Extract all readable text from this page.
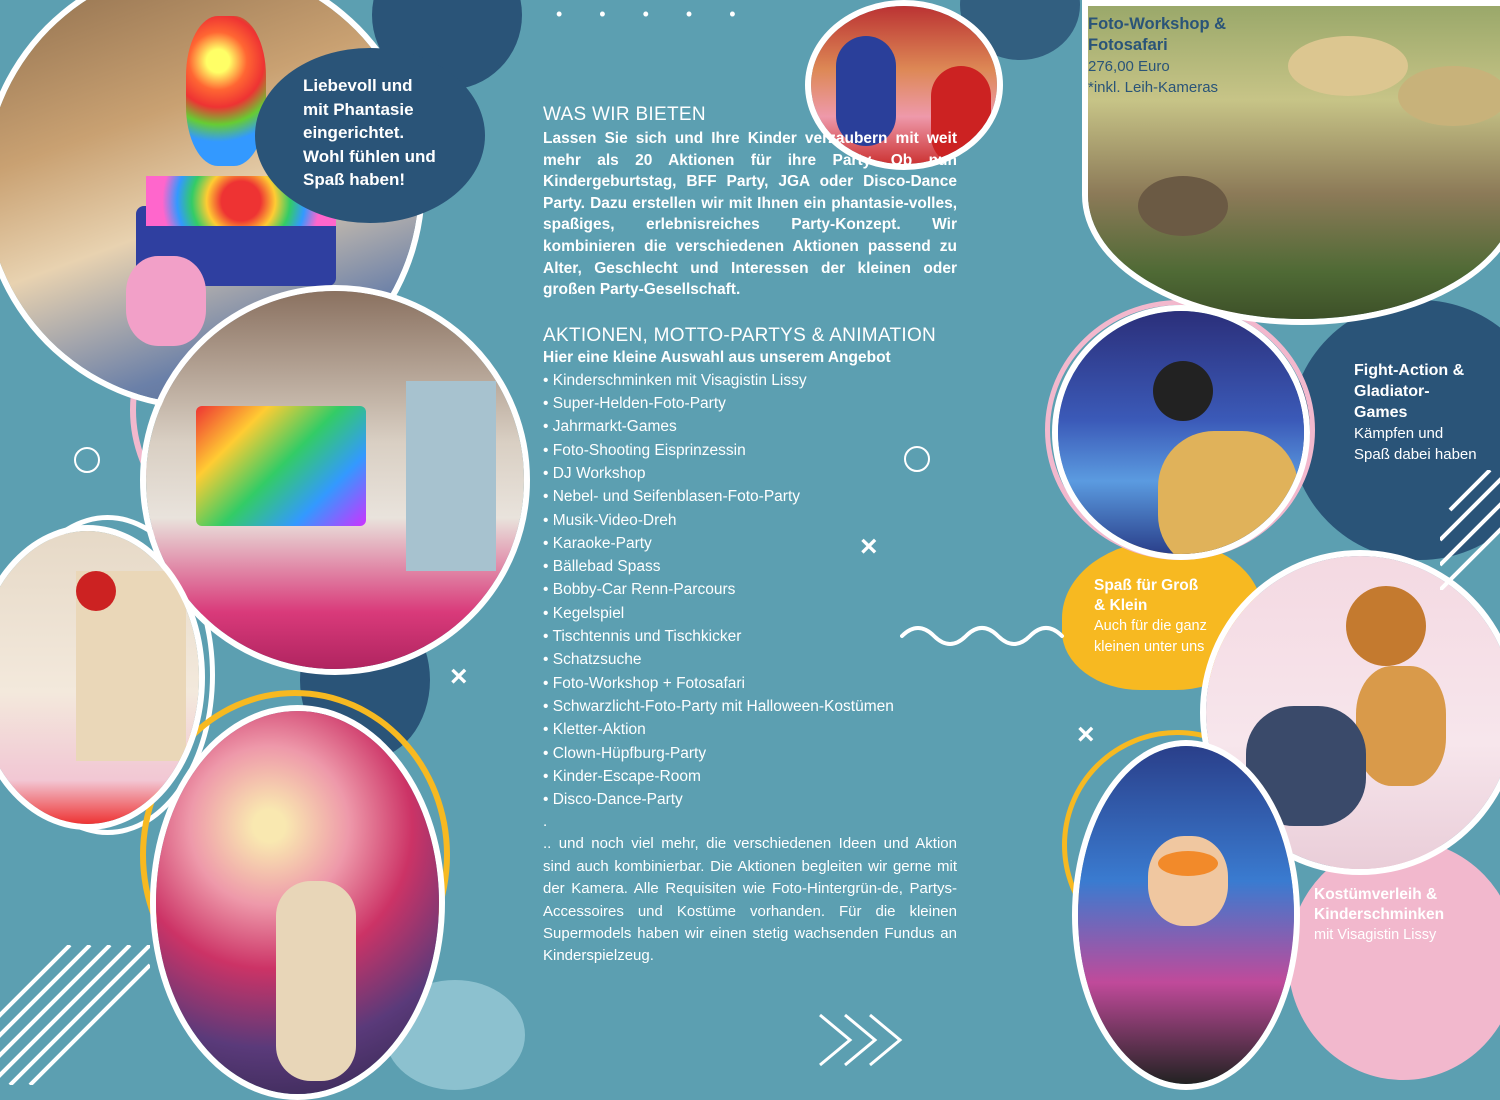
×
×
×
• • • • •
Liebevoll und
mit Phantasie
eingerichtet.
Wohl fühlen und
Spaß haben!
WAS WIR BIETEN

Lassen Sie sich und Ihre Kinder verzaubern mit weit mehr als 20 Aktionen für ihre Party. Ob nun Kindergeburtstag, BFF Party, JGA oder Disco-Dance Party. Dazu erstellen wir mit Ihnen ein phantasie-volles, spaßiges, erlebnisreiches Party-Konzept. Wir kombinieren die verschiedenen Aktionen passend zu Alter, Geschlecht und Interessen der kleinen oder großen Party-Gesellschaft.

AKTIONEN, MOTTO-PARTYS & ANIMATION

Hier eine kleine Auswahl aus unserem Angebot

• Kinderschminken mit Visagistin Lissy
• Super-Helden-Foto-Party
• Jahrmarkt-Games
• Foto-Shooting Eisprinzessin
• DJ Workshop
• Nebel- und Seifenblasen-Foto-Party
• Musik-Video-Dreh
• Karaoke-Party
• Bällebad Spass
• Bobby-Car Renn-Parcours
• Kegelspiel
• Tischtennis und Tischkicker
• Schatzsuche
• Foto-Workshop + Fotosafari
• Schwarzlicht-Foto-Party mit Halloween-Kostümen
• Kletter-Aktion
• Clown-Hüpfburg-Party
• Kinder-Escape-Room
• Disco-Dance-Party
.

.. und noch viel mehr, die verschiedenen Ideen und Aktion sind auch kombinierbar. Die Aktionen begleiten wir gerne mit der Kamera. Alle Requisiten wie Foto-Hintergrün-de, Partys-Accessoires und Kostüme vorhanden. Für die kleinen Supermodels haben wir einen stetig wachsenden Fundus an Kinderspielzeug.

Foto-Workshop &
Fotosafari
276,00 Euro
*inkl. Leih-Kameras
Fight-Action &
Gladiator-
Games
Kämpfen und
Spaß dabei haben
Spaß für Groß
& Klein
Auch für die ganz
kleinen unter uns
Kostümverleih &
Kinderschminken
mit Visagistin Lissy
